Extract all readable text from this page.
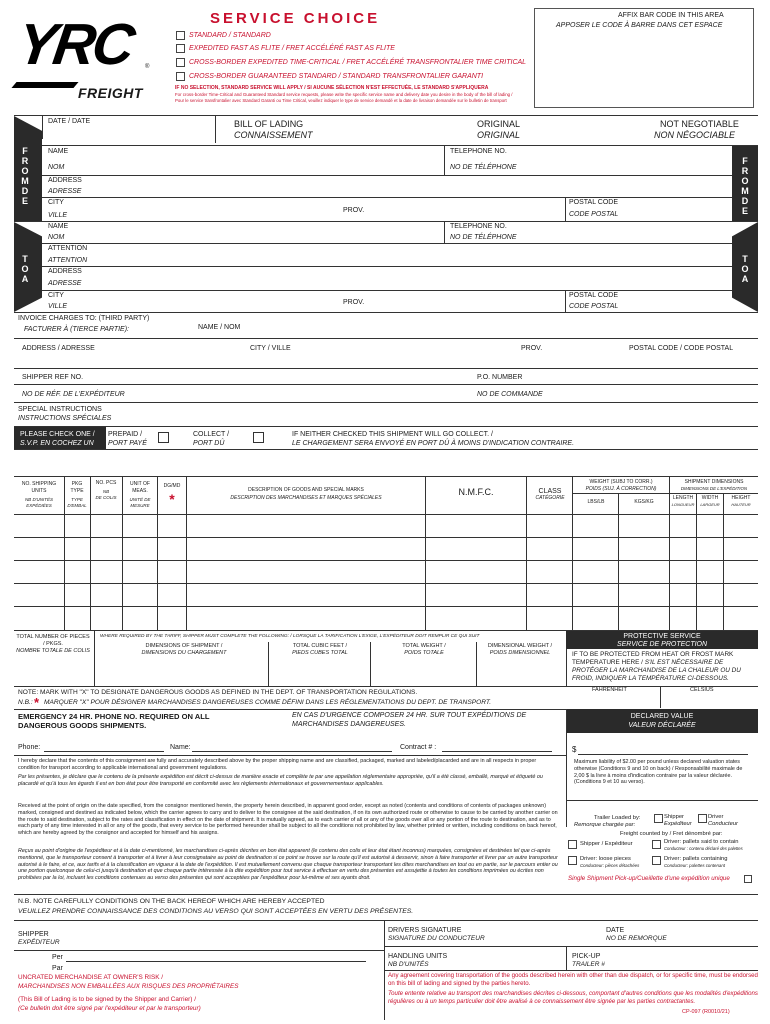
YRC ®
FREIGHT
SERVICE CHOICE
STANDARD / STANDARD
EXPEDITED FAST AS FLITE / FRET ACCÉLÉRÉ FAST AS FLITE
CROSS-BORDER EXPEDITED TIME-CRITICAL / FRET ACCÉLÉRÉ TRANSFRONTALIER TIME CRITICAL
CROSS-BORDER GUARANTEED STANDARD / STANDARD TRANSFRONTALIER GARANTI
IF NO SELECTION, STANDARD SERVICE WILL APPLY / SI AUCUNE SÉLECTION N'EST EFFECTUÉE, LE STANDARD S'APPLIQUERA
For cross-border Time-Critical and Guaranteed Standard service requests, please write the specific service name and delivery date you desire in the body of the bill of lading /
Pour le service transfrontalier avec Standard Garanti ou Time Critical, veuillez indiquer le type de service demandé et la date de livraison demandée sur le bulletin de transport
AFFIX BAR CODE IN THIS AREA
APPOSER LE CODE À BARRE DANS CET ESPACE
DATE / DATE	BILL OF LADING
CONNAISSEMENT
ORIGINAL
ORIGINAL
NOT NEGOTIABLE
NON NÉGOCIABLE
F R O M D E
F R O M D E
NAME
NOM
TELEPHONE NO.
NO DE TÉLÉPHONE
ADDRESS
ADRESSE
CITY
VILLE
PROV.
POSTAL CODE
CODE POSTAL
T O A
T O A
NAME
NOM
TELEPHONE NO.
NO DE TÉLÉPHONE
ATTENTION
ATTENTION
ADDRESS
ADRESSE
CITY
VILLE
PROV.
POSTAL CODE
CODE POSTAL
INVOICE CHARGES TO: (THIRD PARTY)
FACTURER À (TIERCE PARTIE):	NAME / NOM
ADDRESS / ADRESSE	CITY / VILLE	PROV.	POSTAL CODE / CODE POSTAL
SHIPPER REF NO.	P.O. NUMBER
NO DE RÉF. DE L'EXPÉDITEUR	NO DE COMMANDE
SPECIAL INSTRUCTIONS
INSTRUCTIONS SPÉCIALES
PLEASE CHECK ONE /
S.V.P. EN COCHEZ UN
PREPAID /
PORT PAYÉ
COLLECT /
PORT DÛ
IF NEITHER CHECKED THIS SHIPMENT WILL GO COLLECT. /
LE CHARGEMENT SERA ENVOYÉ EN PORT DÛ À MOINS D'INDICATION CONTRAIRE.
NO. SHIPPING UNITS
NB D'UNITÉS EXPÉDIÉES
PKG TYPE
TYPE D'EMBAL
NO. PCS
NB
DE COLIS
UNIT OF MEAS.
UNITÉ DE MESURE
DG/MD
*
DESCRIPTION OF GOODS AND SPECIAL MARKS
DESCRIPTION DES MARCHANDISES ET MARQUES SPÉCIALES
N.M.F.C.	CLASS
CATÉGORIE
WEIGHT (SUBJ TO CORR.)
POIDS (SUJ. À CORRECTION)
LBS/LB	KGS/KG
SHIPMENT DIMENSIONS
DIMENSIONS DE L'EXPÉDITION
LENGTH
LONGUEUR
WIDTH
LARGEUR
HEIGHT
HAUTEUR
TOTAL NUMBER OF PIECES / PKGS.
NOMBRE TOTALE DE COLIS
WHERE REQUIRED BY THE TARIFF, SHIPPER MUST COMPLETE THE FOLLOWING: / LORSQUE LA TARIFICATION L'EXIGE, L'EXPÉDITEUR DOIT REMPLIR CE QUI SUIT
DIMENSIONS OF SHIPMENT /
DIMENSIONS DU CHARGEMENT
TOTAL CUBIC FEET /
PIEDS CUBES TOTAL
TOTAL WEIGHT /
POIDS TOTALE
DIMENSIONAL WEIGHT /
POIDS DIMENSIONNEL
PROTECTIVE SERVICE
SERVICE DE PROTECTION
IF TO BE PROTECTED FROM HEAT OR FROST MARK TEMPERATURE HERE / S'IL EST NÉCESSAIRE DE PROTÉGER LA MARCHANDISE DE LA CHALEUR OU DU FROID, INDIQUER LA TEMPÉRATURE CI-DESSOUS.
FAHRENHEIT	CELSIUS
NOTE: MARK WITH "X" TO DESIGNATE DANGEROUS GOODS AS DEFINED IN THE DEPT. OF TRANSPORTATION REGULATIONS.
N.B.: * MARQUER "X" POUR DÉSIGNER MARCHANDISES DANGEREUSES COMME DÉFINI DANS LES RÉGLEMENTATIONS DU DEPT. DE TRANSPORT.
EMERGENCY 24 HR. PHONE NO. REQUIRED ON ALL DANGEROUS GOODS SHIPMENTS.
EN CAS D'URGENCE COMPOSER 24 HR. SUR TOUT EXPÉDITIONS DE MARCHANDISES DANGEREUSES.
Phone:	Name:	Contract # :
DECLARED VALUE
VALEUR DÉCLARÉE
$
Maximum liability of $2.00 per pound unless declared valuation states otherwise (Conditions 9 and 10 on back) / Responsabilité maximale de 2,00 $ la livre à moins d'indication contraire par la valeur déclarée. (Conditions 9 et 10 au verso).
I hereby declare that the contents of this consignment are fully and accurately described above by the proper shipping name and are classified, packaged, marked and labeled/placarded and are in all respects in proper condition for transport according to applicable international and government regulations.
Par les présentes, je déclare que le contenu de la présente expédition est décrit ci-dessus de manière exacte et complète te par une appellation réglementaire appropriée, qu'il a été classé, emballé, marqué et étiqueté ou placardé et qu'à tous les égards il est en bon état pour être transporté en conformité avec les règlements internationaux et gouvernementaux applicables.
Received at the point of origin on the date specified, from the consignor mentioned herein, the property herein described, in apparent good order, except as noted (contents and conditions of contents of packages unknown) marked, consigned and destined as indicated below, which the carrier agrees to carry and to deliver to the consignee at the said destination, if on its own authorized route or otherwise to cause to be carried by another carrier on the route to said destination, subject to the rates and classification in effect on the date of shipment. It is mutually agreed, as to each carrier of all or any of the goods over all or any portion of the route to destination, and as to each party of any time interested in all or any of the goods, that every service to be performed hereunder shall be subject to all the conditions not prohibited by law, whether printed or written, including conditions on back hereof, which are hereby agreed by the consignor and accepted for himself and his assigns.
Reçus au point d'origine de l'expéditeur et à la date ci-mentionné, les marchandises ci-après décrites en bon état apparent (le contenu des colis et leur état étant inconnus) marquées, consignées et destinées tel que ci-après mentionné, que le transporteur consent à transporter et à livrer à leur consignataire au point de destination si ce point se trouve sur la route qu'il est autorisé à desservir, sinon à faire transporter et livrer par un autre transporteur autorisé à le faire, et ce, aux tarifs et à la classification en vigueur à la date de l'expédition. Il est mutuellement convenu que chaque transporteur transportant les dites marchandises en tout ou en partie, sur le parcours entier ou une portion quelconque de celui-ci jusqu'à destination et que chaque partie intéressée à la dite expédition pour tout service à effectuer en vertu des présentes est assujettie à toutes les conditions imprimées ou écrites non prohibées par la loi, incluant les conditions contenues au verso des présentes qui sont acceptées par l'expéditeur pour lui-même et ses ayants droit.
Trailer Loaded by:
Remorque chargée par:
Shipper
Expéditeur
Driver
Conducteur
Freight counted by / Fret dénombré par:
Shipper / Expéditeur	Driver: pallets said to contain
Conducteur : contenu déclaré des palettes
Driver: loose pieces
Conducteur: pièces détachées
Driver: pallets containing
Conducteur: palettes contenant
Single Shipment Pick-up/Cueillette d'une expédition unique
N.B. NOTE CAREFULLY CONDITIONS ON THE BACK HEREOF WHICH ARE HEREBY ACCEPTED
VEUILLEZ PRENDRE CONNAISSANCE DES CONDITIONS AU VERSO QUI SONT ACCEPTÉES EN VERTU DES PRÉSENTES.
SHIPPER
EXPÉDITEUR
DRIVERS SIGNATURE
SIGNATURE DU CONDUCTEUR
DATE
NO DE REMORQUE
Per
Par
HANDLING UNITS
NB D'UNITÉS
PICK-UP
TRAILER #
UNCRATED MERCHANDISE AT OWNER'S RISK /
MARCHANDISES NON EMBALLÉES AUX RISQUES DES PROPRIÉTAIRES
(This Bill of Lading is to be signed by the Shipper and Carrier) /
(Ce bulletin doit être signé par l'expéditeur et par le transporteur)
Any agreement covering transportation of the goods described herein with other than due dispatch, or for specific time, must be endorsed on this bill of lading and signed by the parties hereto.
Toute entente relative au transport des marchandises décrites ci-dessous, comportant d'autres conditions que les modalités d'expéditions régulières ou à un temps particulier doit être avalisé à ce connaissement être signée par les parties contractantes.
CP-097 (R0010/21)
